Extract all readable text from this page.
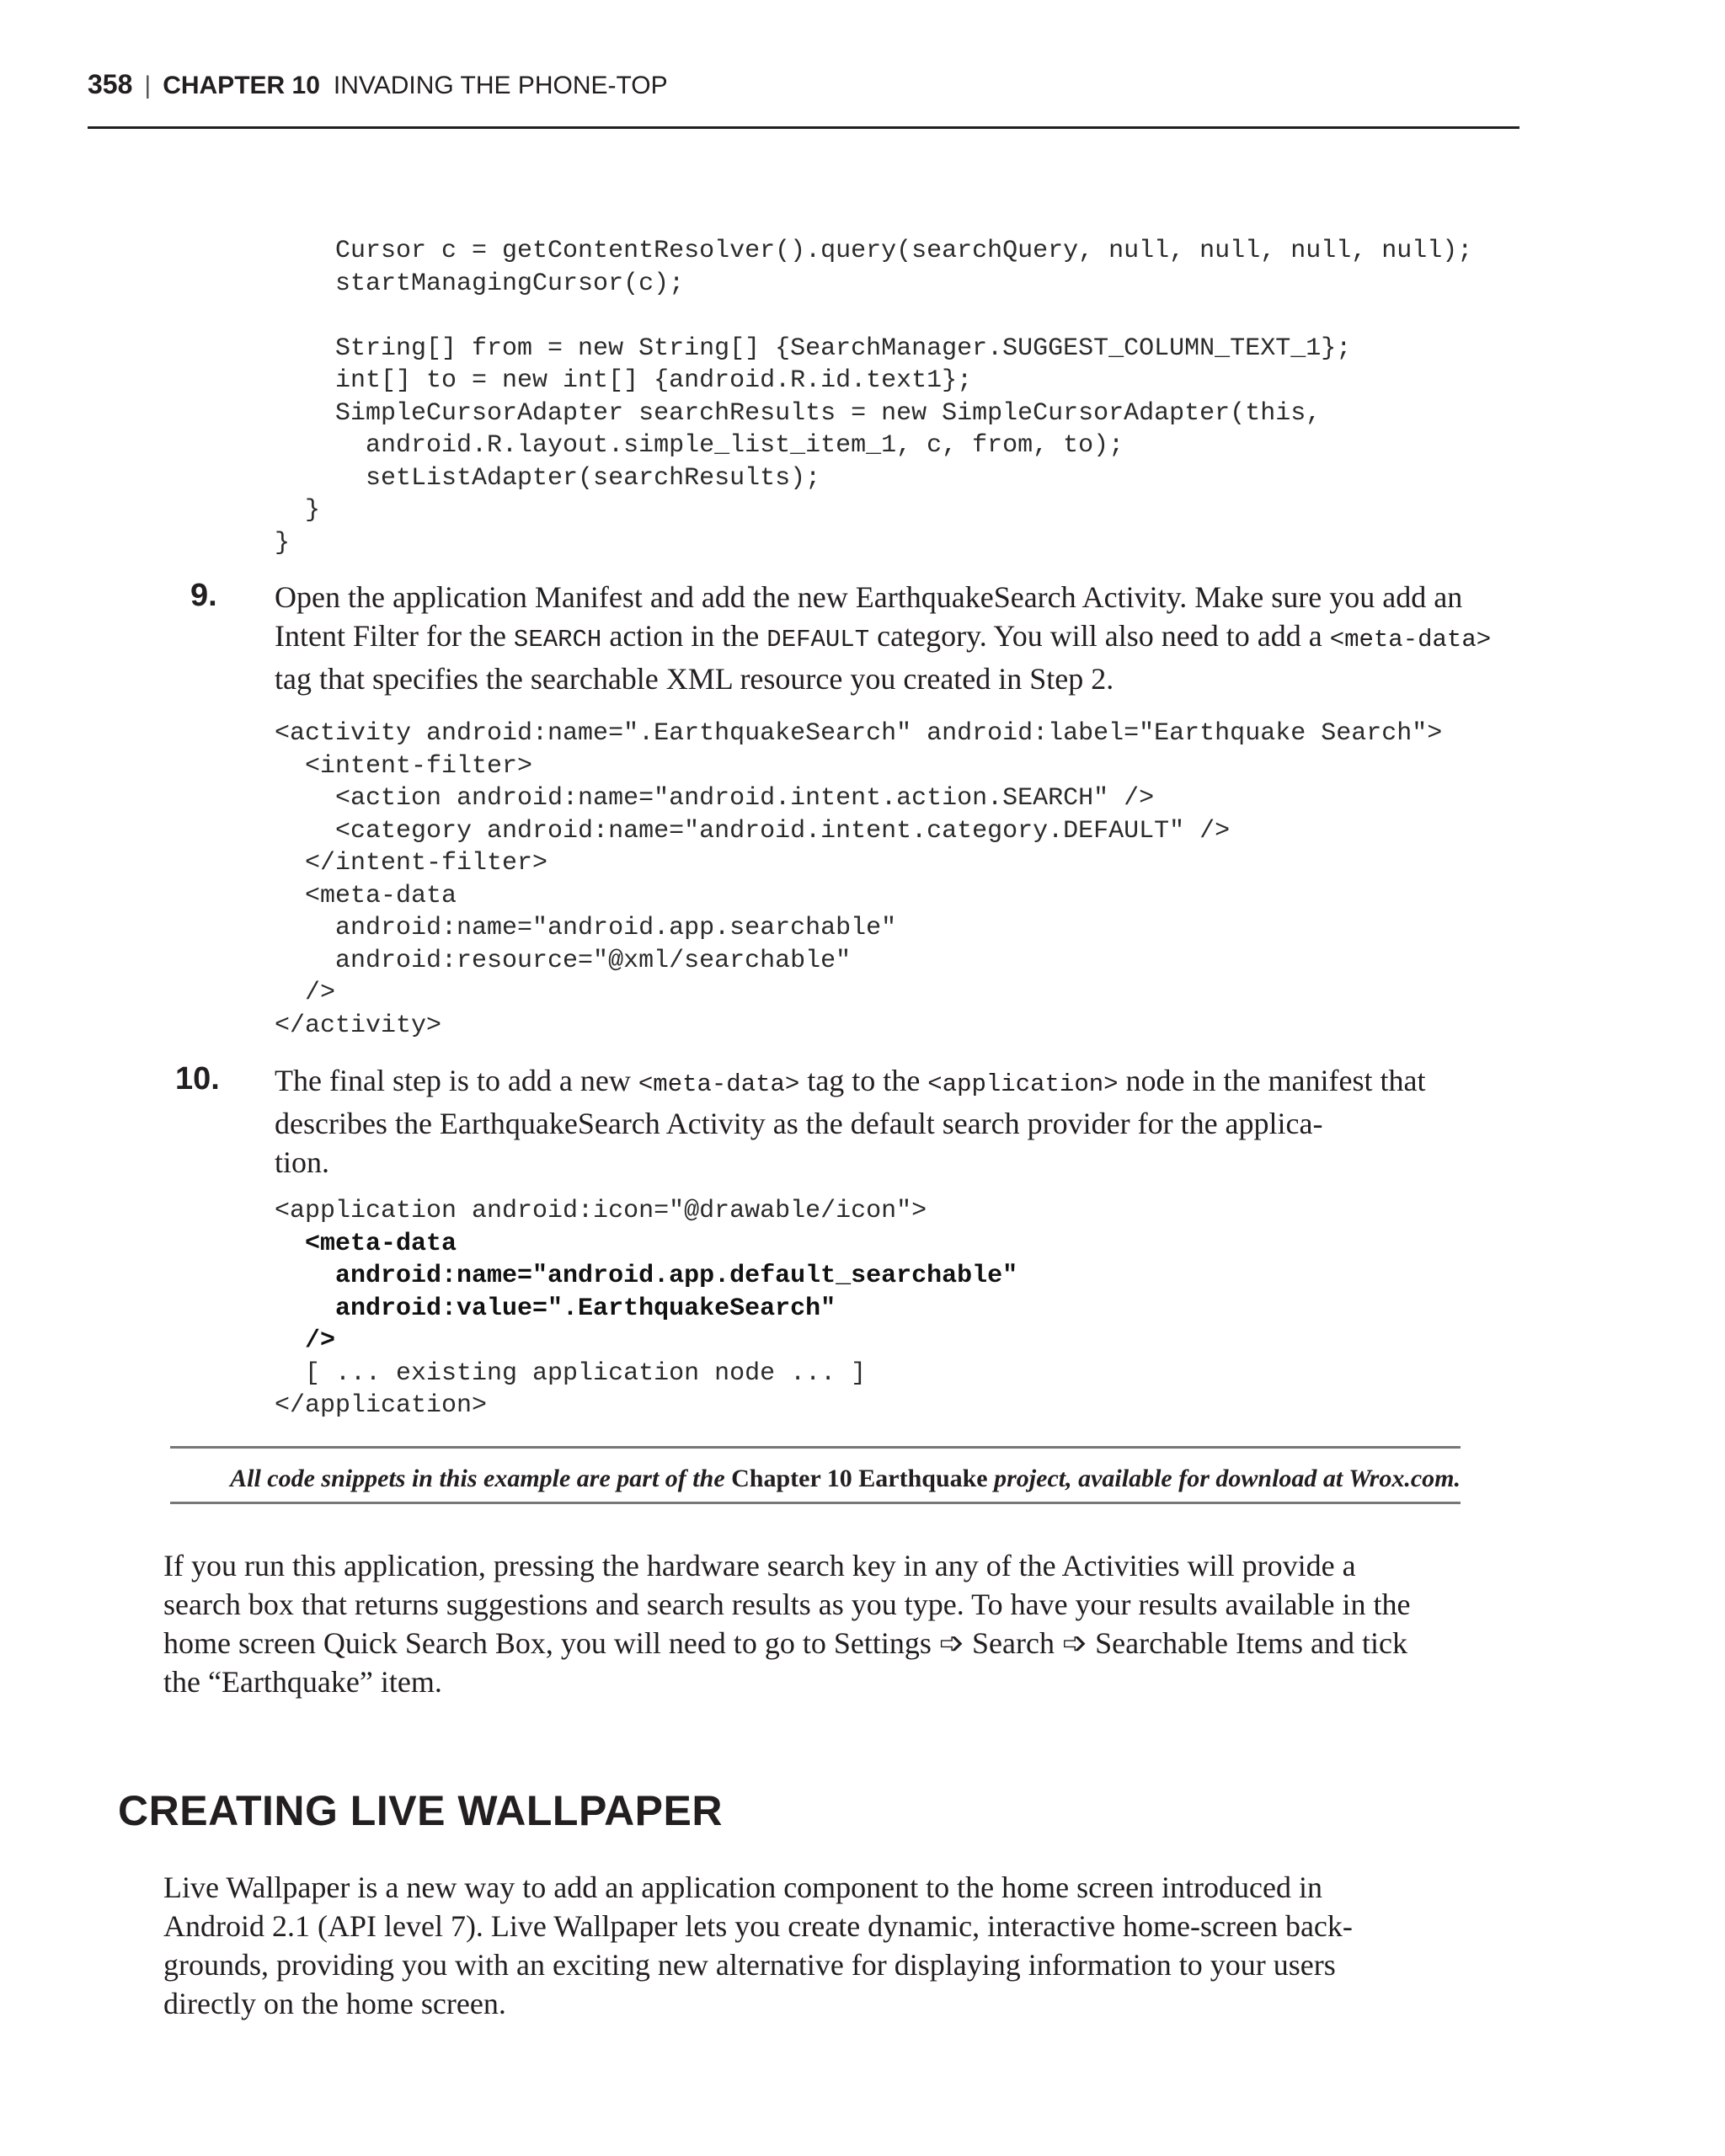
358 | CHAPTER 10 INVADING THE PHONE-TOP
Cursor c = getContentResolver().query(searchQuery, null, null, null, null);
startManagingCursor(c);

String[] from = new String[] {SearchManager.SUGGEST_COLUMN_TEXT_1};
int[] to = new int[] {android.R.id.text1};
SimpleCursorAdapter searchResults = new SimpleCursorAdapter(this,
android.R.layout.simple_list_item_1, c, from, to);
setListAdapter(searchResults);
}
}
9. Open the application Manifest and add the new EarthquakeSearch Activity. Make sure you add an Intent Filter for the SEARCH action in the DEFAULT category. You will also need to add a <meta-data> tag that specifies the searchable XML resource you created in Step 2.

<activity android:name=".EarthquakeSearch" android:label="Earthquake Search">
<intent-filter>
<action android:name="android.intent.action.SEARCH" />
<category android:name="android.intent.category.DEFAULT" />
</intent-filter>
<meta-data
android:name="android.app.searchable"
android:resource="@xml/searchable"
/>
</activity>
10. The final step is to add a new <meta-data> tag to the <application> node in the manifest that describes the EarthquakeSearch Activity as the default search provider for the applica-
tion.

<application android:icon="@drawable/icon">
<meta-data
android:name="android.app.default_searchable"
android:value=".EarthquakeSearch"
/>
[ ... existing application node ... ]
</application>
All code snippets in this example are part of the Chapter 10 Earthquake project, available for download at Wrox.com.

If you run this application, pressing the hardware search key in any of the Activities will provide a
search box that returns suggestions and search results as you type. To have your results available in the
home screen Quick Search Box, you will need to go to Settings ➩ Search ➩ Searchable Items and tick
the “Earthquake” item.

CREATING LIVE WALLPAPER

Live Wallpaper is a new way to add an application component to the home screen introduced in
Android 2.1 (API level 7). Live Wallpaper lets you create dynamic, interactive home-screen back-
grounds, providing you with an exciting new alternative for displaying information to your users
directly on the home screen.
